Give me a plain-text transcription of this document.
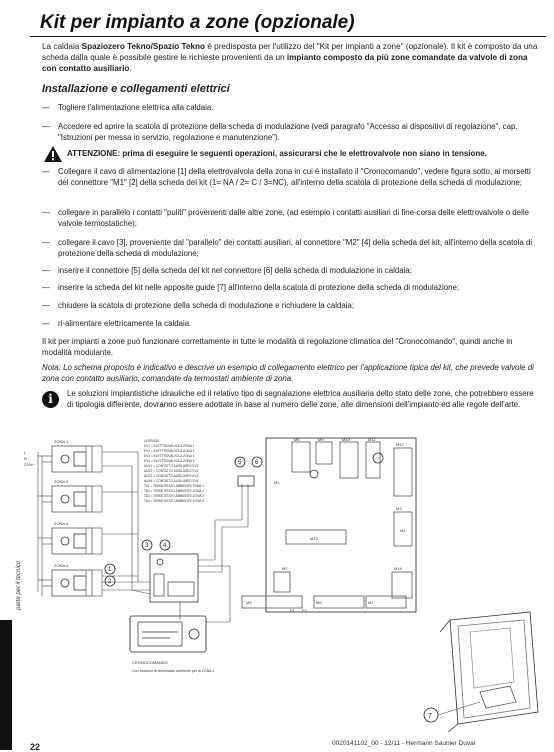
parte per il tecnico
Kit per impianto a zone (opzionale)
La caldaia Spaziozero Tekno/Spazio Tekno è predisposta per l'utilizzo del "Kit per impianti a zone" (opzionale). Il kit è composto da una scheda dalla quale è possibile gestire le richieste provenienti da un impianto composto da più zone comandate da valvole di zona con contatto ausiliario.
Installazione e collegamenti elettrici
— Togliere l'alimentazione elettrica alla caldaia.
— Accedere ed aprire la scatola di protezione della scheda di modulazione (vedi paragrafo "Accesso ai dispositivi di regolazione", cap. "Istruzioni per messa in servizio, regolazione e manutenzione").
ATTENZIONE: prima di eseguire le seguenti operazioni, assicurarsi che le elettrovalvole non siano in tensione.
— Collegare il cavo di alimentazione [1] della elettrovalvola della zona in cui è installato il "Cronocomando", vedere figura sotto, ai morsetti del connettore "M1" [2] della scheda del kit (1= NA / 2= C / 3=NC), all'interno della scatola di protezione della scheda di modulazione;
— collegare in parallelo i contatti "puliti" provenienti dalle altre zone, (ad esempio i contatti ausiliari di fine-corsa delle elettrovalvole o delle valvole termostatiche);
— collegare il cavo [3], proveniente dal "parallelo" dei contatti ausiliari, al connettore "M2" [4] della scheda del kit, all'interno della scatola di protezione della scheda di modulazione;
— inserire il connettore [5] della scheda del kit nel connettore [6] della scheda di modulazione in caldaia;
— inserire la scheda del kit nelle apposite guide [7] all'interno della scatola di protezione della scheda di modulazione;
— chiudere la scatola di protezione della scheda di modulazione e richiudere la caldaia;
— ri-alimentare elettricamente la caldaia.
Il kit per impianti a zone può funzionare correttamente in tutte le modalità di regolazione climatica del "Cronocomando", quindi anche in modalità modulante.
Nota: Lo schema proposto è indicativo e descrive un esempio di collegamento elettrico per l'applicazione tipica del kit, che prevede valvole di zona con contatto ausiliario, comandate da termostati ambiente di zona.
i	Le soluzioni impiantistiche idrauliche ed il relativo tipo di segnalazione elettrica ausiliaria dello stato delle zone, che potrebbero essere di tipologia differente, dovranno essere adottate in base al numero delle zone, alle dimensioni dell'impianto ed alle regole dell'arte.
ZONA 1
ZONA 2
ZONA 3
ZONA 4
L
N
220V~
LEGENDA
EV1 = ELETTROVALVOLA ZONA 1
EV2 = ELETTROVALVOLA ZONA 2
EV3 = ELETTROVALVOLA ZONA 3
EV4 = ELETTROVALVOLA ZONA 4
AUX1 = CONTATTO AUSILIARIO EV1
AUX2 = CONTATTO AUSILIARIO EV2
AUX3 = CONTATTO AUSILIARIO EV3
AUX4 = CONTATTO AUSILIARIO EV4
TA1 = TERMOSTATO AMBIENTE ZONA 1
TA2 = TERMOSTATO AMBIENTE ZONA 2
TA3 = TERMOSTATO AMBIENTE ZONA 3
TA4 = TERMOSTATO AMBIENTE ZONA 4
1
2
3 4
5 6
7
M1
M2
M3
M4
M5	M6	M7
M8	M9	M10	M11
M12
M13
M14
F1 F2
CRONOCOMANDO
Con funzione di termostato ambiente per la ZONA 1
22	0020141102_00 - 12/11 - Hermann Saunier Duval
